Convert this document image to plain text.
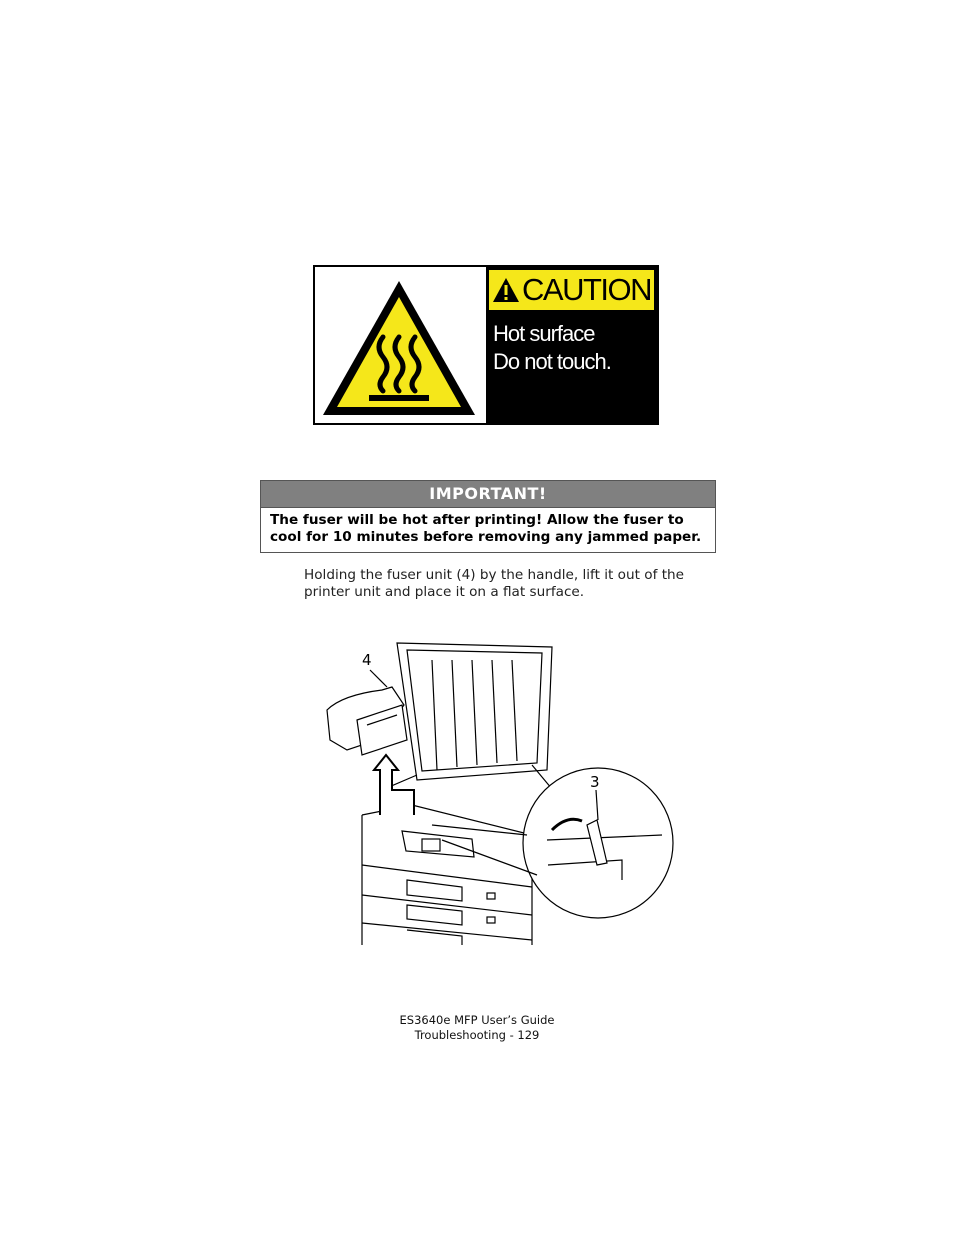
CAUTION
Hot surface
Do not touch.
IMPORTANT!
The fuser will be hot after printing! Allow the fuser to
cool for 10 minutes before removing any jammed paper.
Holding the fuser unit (4) by the handle, lift it out of the
printer unit and place it on a flat surface.
4
3
ES3640e MFP User’s Guide
Troubleshooting - 129
